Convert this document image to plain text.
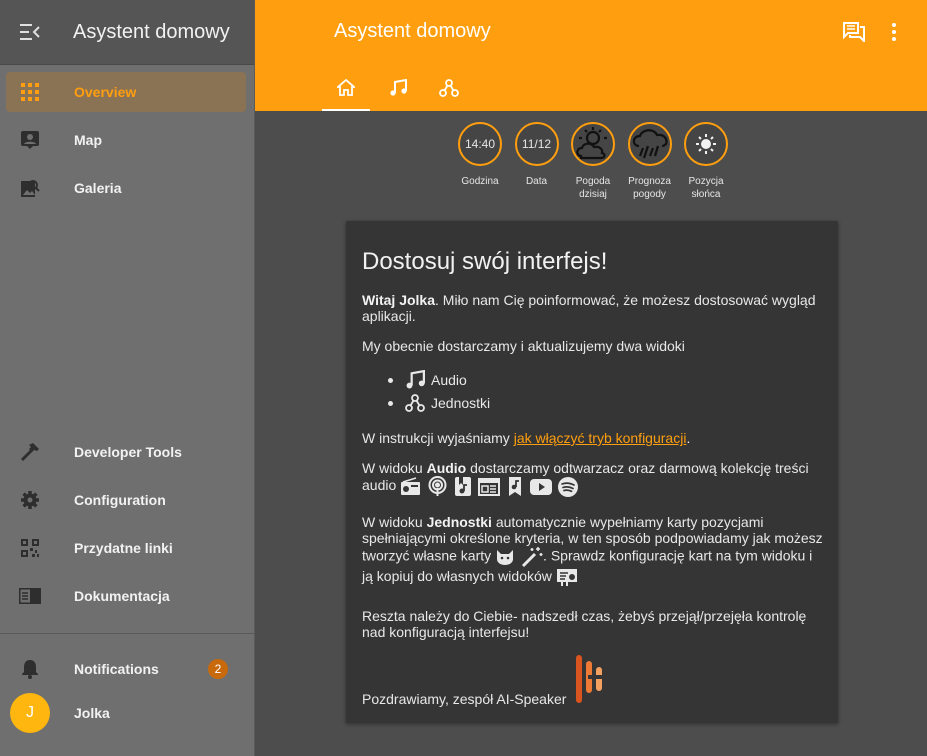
Asystent domowy
Overview
Map
Galeria
Developer Tools
Configuration
Przydatne linki
Dokumentacja
Notifications	2
J	Jolka
Asystent domowy
14:40
Godzina
11/12
Data	Pogoda
dzisiaj
Prognoza
pogody
Pozycja
słońca
Dostosuj swój interfejs!
Witaj Jolka. Miło nam Cię poinformować, że możesz dostosować wygląd aplikacji.
My obecnie dostarczamy i aktualizujemy dwa widoki
Audio
Jednostki
W instrukcji wyjaśniamy jak włączyć tryb konfiguracji.
W widoku Audio dostarczamy odtwarzacz oraz darmową kolekcję treści audio
W widoku Jednostki automatycznie wypełniamy karty pozycjami spełniającymi określone kryteria, w ten sposób podpowiadamy jak możesz tworzyć własne karty	. Sprawdz konfigurację kart na tym widoku i ją kopiuj do własnych widoków
Reszta należy do Ciebie- nadszedł czas, żebyś przejął/przejęła kontrolę nad konfiguracją interfejsu!
Pozdrawiamy, zespół AI-Speaker
